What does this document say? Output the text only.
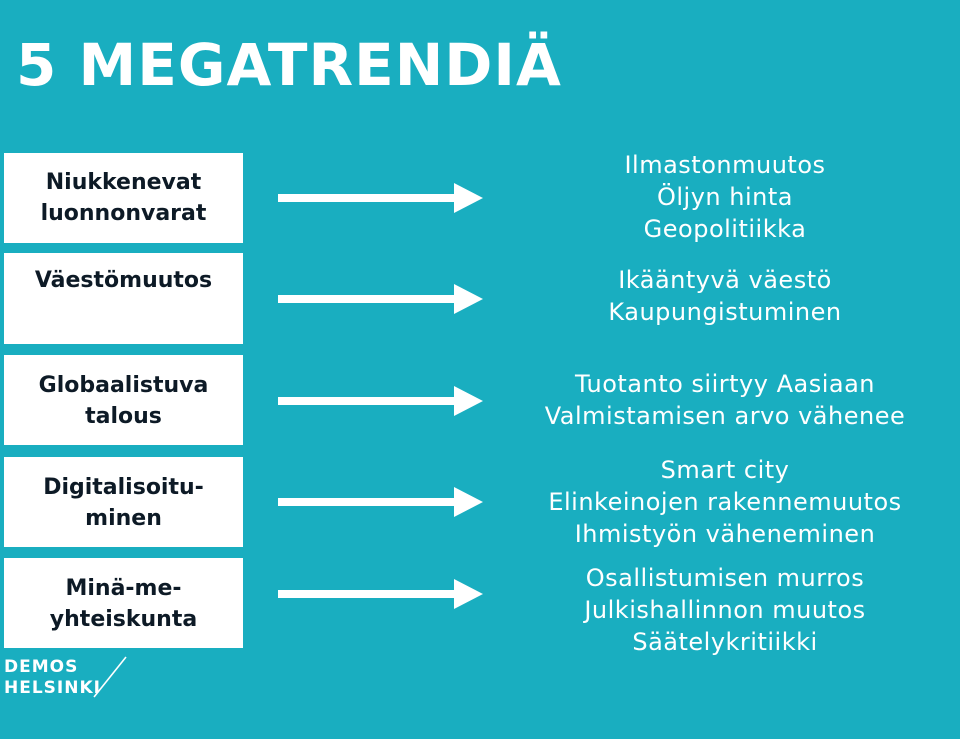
5 MEGATRENDIÄ
Niukkenevat
luonnonvarat
Väestömuutos
Globaalistuva
talous
Digitalisoitu-
minen
Minä-me-
yhteiskunta
Ilmastonmuutos
Öljyn hinta
Geopolitiikka
Ikääntyvä väestö
Kaupungistuminen
Tuotanto siirtyy Aasiaan
Valmistamisen arvo vähenee
Smart city
Elinkeinojen rakennemuutos
Ihmistyön väheneminen
Osallistumisen murros
Julkishallinnon muutos
Säätelykritiikki
DEMOS
HELSINKI
